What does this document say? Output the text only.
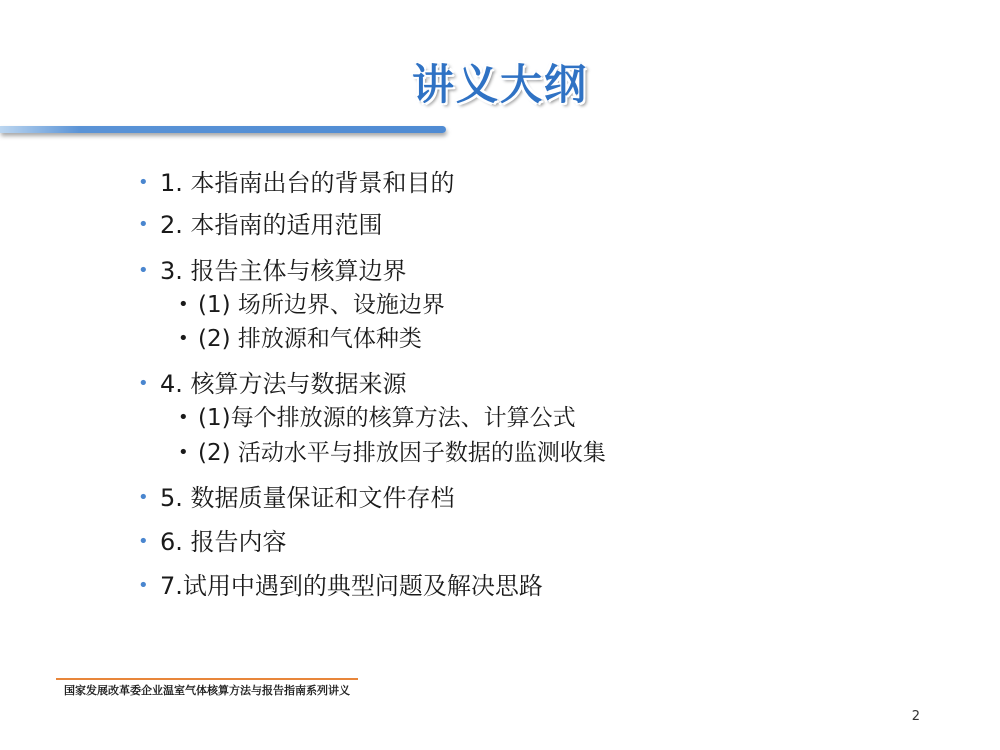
讲义大纲
• 1. 本指南出台的背景和目的
• 2. 本指南的适用范围
• 3. 报告主体与核算边界
• (1) 场所边界、设施边界
• (2) 排放源和气体种类
• 4. 核算方法与数据来源
• (1)每个排放源的核算方法、计算公式
• (2) 活动水平与排放因子数据的监测收集
• 5. 数据质量保证和文件存档
• 6. 报告内容
• 7.试用中遇到的典型问题及解决思路
国家发展改革委企业温室气体核算方法与报告指南系列讲义
2
